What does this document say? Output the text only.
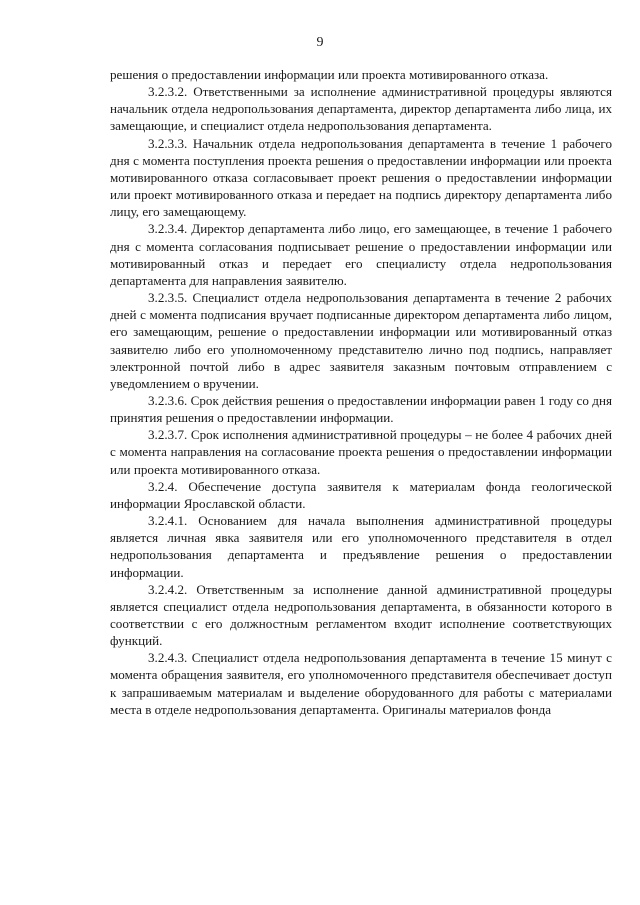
9

решения о предоставлении информации или проекта мотивированного отказа.

3.2.3.2. Ответственными за исполнение административной процедуры являются начальник отдела недропользования департамента, директор департамента либо лица, их замещающие, и специалист отдела недропользования департамента.

3.2.3.3. Начальник отдела недропользования департамента в течение 1 рабочего дня с момента поступления проекта решения о предоставлении информации или проекта мотивированного отказа согласовывает проект решения о предоставлении информации или проект мотивированного отказа и передает на подпись директору департамента либо лицу, его замещающему.

3.2.3.4. Директор департамента либо лицо, его замещающее, в течение 1 рабочего дня с момента согласования подписывает решение о предоставлении информации или мотивированный отказ и передает его специалисту отдела недропользования департамента для направления заявителю.

3.2.3.5. Специалист отдела недропользования департамента в течение 2 рабочих дней с момента подписания вручает подписанные директором департамента либо лицом, его замещающим, решение о предоставлении информации или мотивированный отказ заявителю либо его уполномоченному представителю лично под подпись, направляет электронной почтой либо в адрес заявителя заказным почтовым отправлением с уведомлением о вручении.

3.2.3.6. Срок действия решения о предоставлении информации равен 1 году со дня принятия решения о предоставлении информации.

3.2.3.7. Срок исполнения административной процедуры – не более 4 рабочих дней с момента направления на согласование проекта решения о предоставлении информации или проекта мотивированного отказа.

3.2.4. Обеспечение доступа заявителя к материалам фонда геологической информации Ярославской области.

3.2.4.1. Основанием для начала выполнения административной процедуры является личная явка заявителя или его уполномоченного представителя в отдел недропользования департамента и предъявление решения о предоставлении информации.

3.2.4.2. Ответственным за исполнение данной административной процедуры является специалист отдела недропользования департамента, в обязанности которого в соответствии с его должностным регламентом входит исполнение соответствующих функций.

3.2.4.3. Специалист отдела недропользования департамента в течение 15 минут с момента обращения заявителя, его уполномоченного представителя обеспечивает доступ к запрашиваемым материалам и выделение оборудованного для работы с материалами места в отделе недропользования департамента. Оригиналы материалов фонда
